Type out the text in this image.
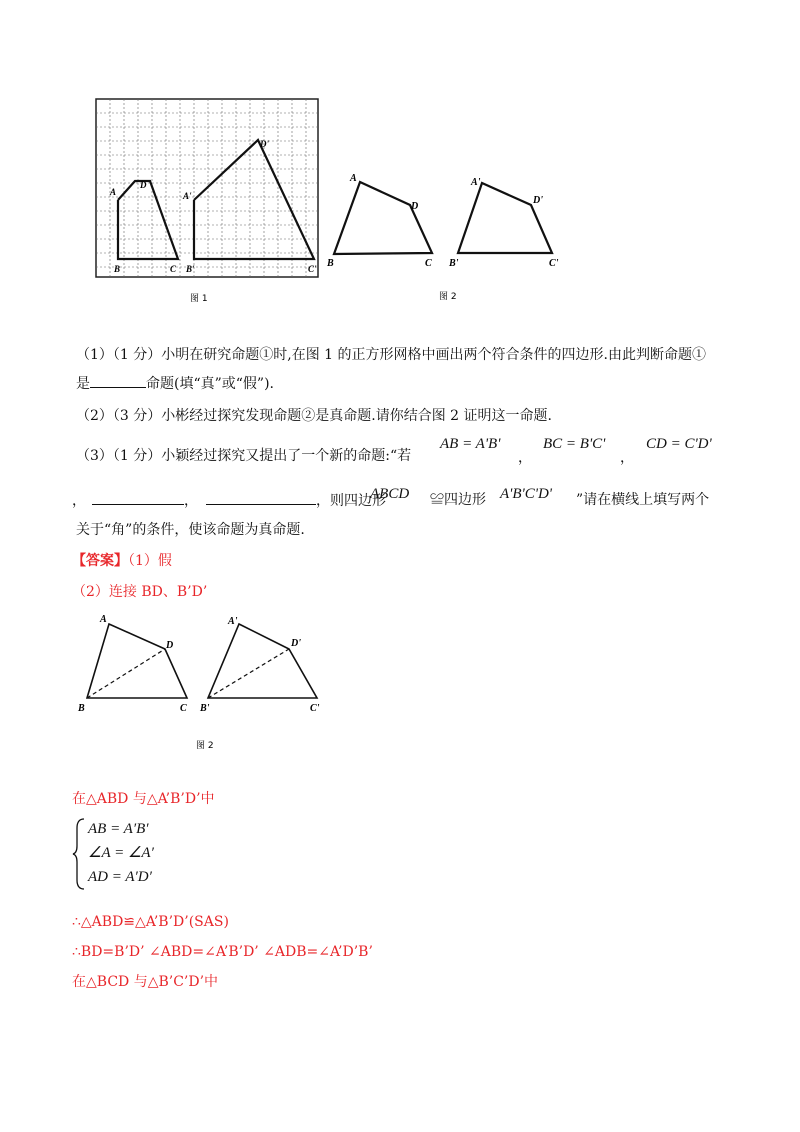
A
D
B	C
A'
D'
B'	C'
图 1
A
D
B	C
A'
D'
B'	C'
图 2
（1）（1 分）小明在研究命题①时,在图 1 的正方形网格中画出两个符合条件的四边形.由此判断命题①
是	命题(填“真”或“假”).
（2）（3 分）小彬经过探究发现命题②是真命题.请你结合图 2 证明这一命题.
（3）（1 分）小颖经过探究又提出了一个新的命题:“若
AB = A'B'
，
BC = B'C'
，
CD = C'D'
，	，	，则四边形
ABCD ≌四边形 A'B'C'D' ”请在横线上填写两个
关于“角”的条件，使该命题为真命题.
【答案】（1）假
（2）连接 BD、B’D’
A
D
B	C
A'
D'
B'	C'
图 2
在△ABD 与△A’B’D’中
AB = A′B′
∠A = ∠A′
AD = A′D′
∴△ABD≌△A’B’D’(SAS)
∴BD=B’D’ ∠ABD=∠A’B’D’ ∠ADB=∠A’D’B’
在△BCD 与△B’C’D’中
